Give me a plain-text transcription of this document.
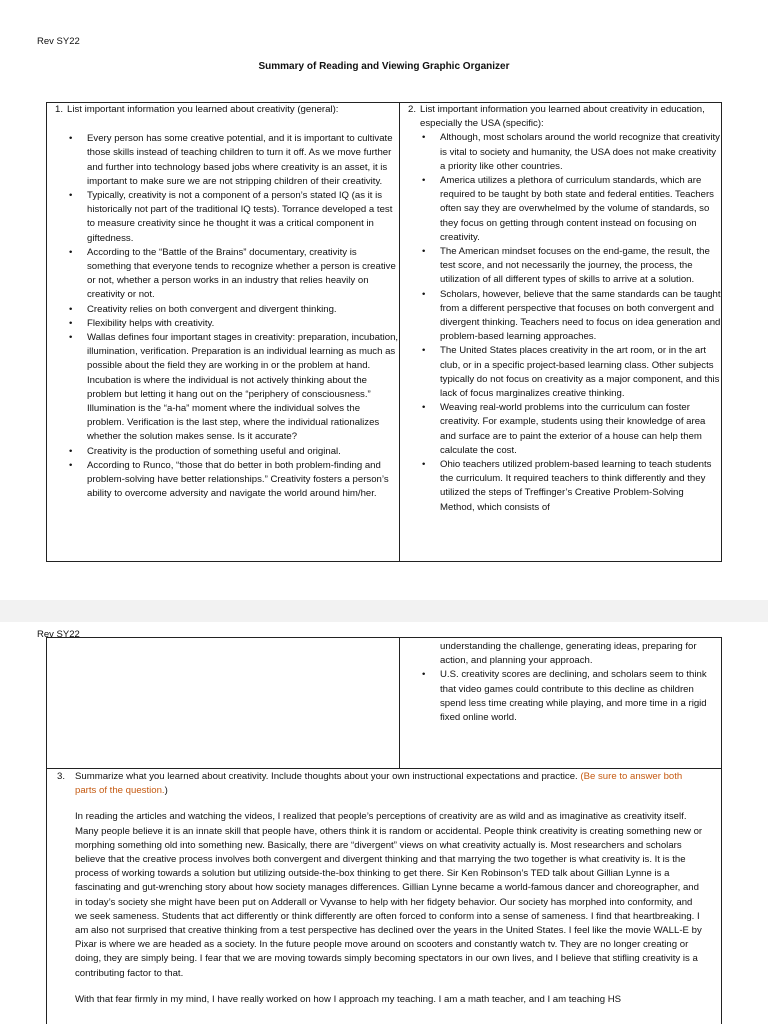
Rev SY22
Summary of Reading and Viewing Graphic Organizer
1. List important information you learned about creativity (general):
• Every person has some creative potential, and it is important to cultivate those skills instead of teaching children to turn it off. As we move further and further into technology based jobs where creativity is an asset, it is important to make sure we are not stripping children of their creativity.
• Typically, creativity is not a component of a person’s stated IQ (as it is historically not part of the traditional IQ tests). Torrance developed a test to measure creativity since he thought it was a critical component in giftedness.
• According to the “Battle of the Brains” documentary, creativity is something that everyone tends to recognize whether a person is creative or not, whether a person works in an industry that relies heavily on creativity or not.
• Creativity relies on both convergent and divergent thinking.
• Flexibility helps with creativity.
• Wallas defines four important stages in creativity: preparation, incubation, illumination, verification. Preparation is an individual learning as much as possible about the field they are working in or the problem at hand. Incubation is where the individual is not actively thinking about the problem but letting it hang out on the “periphery of consciousness.” Illumination is the “a-ha” moment where the individual solves the problem. Verification is the last step, where the individual rationalizes whether the solution makes sense. Is it accurate?
• Creativity is the production of something useful and original.
• According to Runco, “those that do better in both problem-finding and problem-solving have better relationships.” Creativity fosters a person’s ability to overcome adversity and navigate the world around him/her.
2. List important information you learned about creativity in education, especially the USA (specific):
• Although, most scholars around the world recognize that creativity is vital to society and humanity, the USA does not make creativity a priority like other countries.
• America utilizes a plethora of curriculum standards, which are required to be taught by both state and federal entities. Teachers often say they are overwhelmed by the volume of standards, so they focus on getting through content instead on focusing on creativity.
• The American mindset focuses on the end-game, the result, the test score, and not necessarily the journey, the process, the utilization of all different types of skills to arrive at a solution.
• Scholars, however, believe that the same standards can be taught from a different perspective that focuses on both convergent and divergent thinking. Teachers need to focus on idea generation and problem-based learning approaches.
• The United States places creativity in the art room, or in the art club, or in a specific project-based learning class. Other subjects typically do not focus on creativity as a major component, and this lack of focus marginalizes creative thinking.
• Weaving real-world problems into the curriculum can foster creativity. For example, students using their knowledge of area and surface are to paint the exterior of a house can help them calculate the cost.
• Ohio teachers utilized problem-based learning to teach students the curriculum. It required teachers to think differently and they utilized the steps of Treffinger’s Creative Problem-Solving Method, which consists of
Rev SY22
understanding the challenge, generating ideas, preparing for action, and planning your approach.
• U.S. creativity scores are declining, and scholars seem to think that video games could contribute to this decline as children spend less time creating while playing, and more time in a rigid fixed online world.
3. Summarize what you learned about creativity. Include thoughts about your own instructional expectations and practice. (Be sure to answer both parts of the question.)

In reading the articles and watching the videos, I realized that people’s perceptions of creativity are as wild and as imaginative as creativity itself. Many people believe it is an innate skill that people have, others think it is random or accidental. People think creativity is creating something new or morphing something old into something new. Basically, there are “divergent” views on what creativity actually is. Most researchers and scholars believe that the creative process involves both convergent and divergent thinking and that marrying the two together is what creativity is. It is the process of working towards a solution but utilizing outside-the-box thinking to get there. Sir Ken Robinson’s TED talk about Gillian Lynne is a fascinating and gut-wrenching story about how society manages differences. Gillian Lynne became a world-famous dancer and choreographer, and in today’s society she might have been put on Adderall or Vyvanse to help with her fidgety behavior. Our society has morphed into conformity, and we seek sameness. Students that act differently or think differently are often forced to conform into a sense of sameness. I find that heartbreaking. I am also not surprised that creative thinking from a test perspective has declined over the years in the United States. I feel like the movie WALL-E by Pixar is where we are headed as a society. In the future people move around on scooters and constantly watch tv. They are no longer creating or doing, they are simply being. I fear that we are moving towards simply becoming spectators in our own lives, and I believe that stifling creativity is a contributing factor to that.

With that fear firmly in my mind, I have really worked on how I approach my teaching. I am a math teacher, and I am teaching HS
